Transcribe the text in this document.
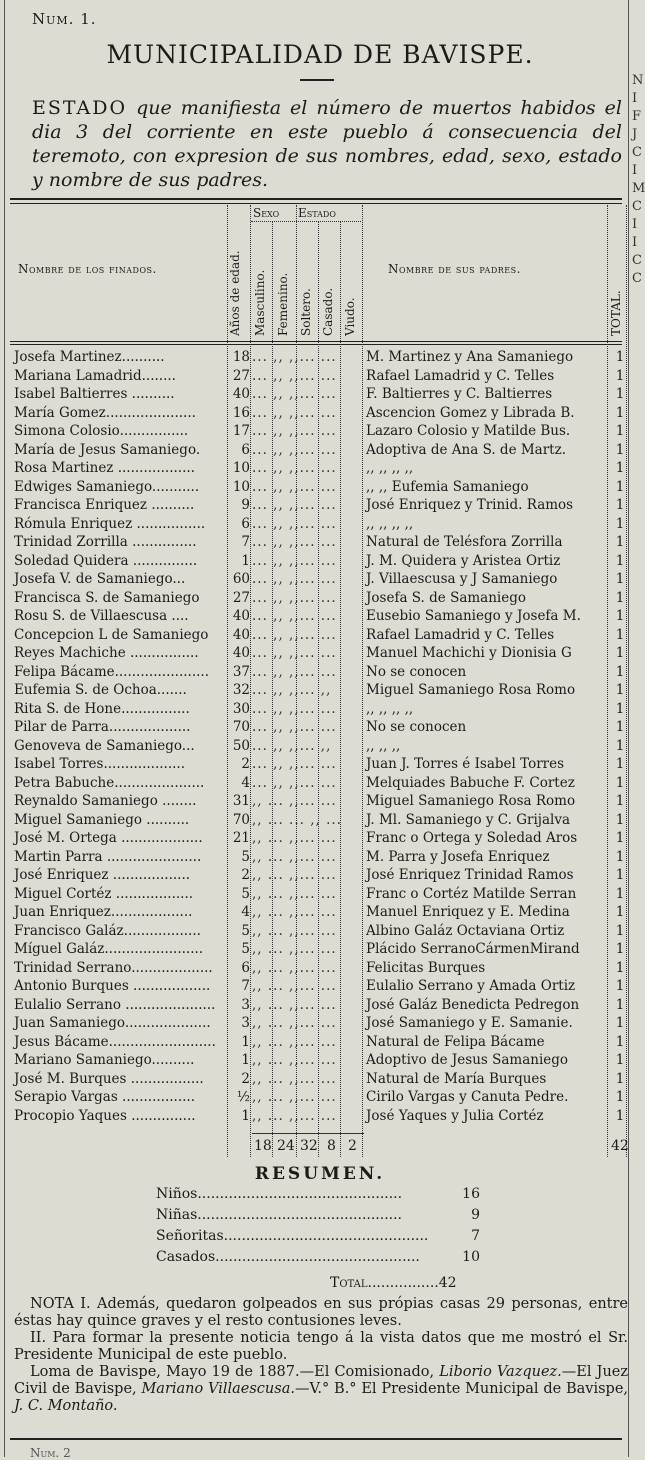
N
I
F
J
C
I
M
C
I
I
C
C
Num. 1.
MUNICIPALIDAD DE BAVISPE.
ESTADO que manifiesta el número de muertos habidos el dia 3 del corriente en este pueblo á consecuencia del teremoto, con expresion de sus nombres, edad, sexo, estado y nombre de sus padres.
Nombre de los finados.	Años de edad.
Sexo Estado
Masculino. Femenino. Soltero. Casado. Viudo.
Nombre de sus padres.
TOTAL.
Josefa Martinez..........	18 ... ,, ,,... ...	M. Martinez y Ana Samaniego	1
Mariana Lamadrid........	27 ... ,, ,,... ...	Rafael Lamadrid y C. Telles	1
Isabel Baltierres ..........	40 ... ,, ,,... ...	F. Baltierres y C. Baltierres	1
María Gomez.....................	16 ... ,, ,,... ...	Ascencion Gomez y Librada B.	1
Simona Colosio................	17 ... ,, ,,... ...	Lazaro Colosio y Matilde Bus.	1
María de Jesus Samaniego.	6 ... ,, ,,... ...	Adoptiva de Ana S. de Martz.	1
Rosa Martinez ..................	10 ... ,, ,,... ...	,, ,, ,, ,,	1
Edwiges Samaniego...........	10 ... ,, ,,... ...	,, ,, Eufemia Samaniego	1
Francisca Enriquez ..........	9 ... ,, ,,... ...	José Enriquez y Trinid. Ramos	1
Rómula Enriquez ................	6 ... ,, ,,... ...	,, ,, ,, ,,	1
Trinidad Zorrilla ...............	7 ... ,, ,,... ...	Natural de Telésfora Zorrilla	1
Soledad Quidera ...............	1 ... ,, ,,... ...	J. M. Quidera y Aristea Ortiz	1
Josefa V. de Samaniego...	60 ... ,, ,,... ...	J. Villaescusa y J Samaniego	1
Francisca S. de Samaniego	27 ... ,, ,,... ...	Josefa S. de Samaniego	1
Rosu S. de Villaescusa ....	40 ... ,, ,,... ...	Eusebio Samaniego y Josefa M.	1
Concepcion L de Samaniego	40 ... ,, ,,... ...	Rafael Lamadrid y C. Telles	1
Reyes Machiche ................	40 ... ,, ,,... ...	Manuel Machichi y Dionisia G	1
Felipa Bácame......................	37 ... ,, ,,... ...	No se conocen	1
Eufemia S. de Ochoa.......	32 ... ,, ,,... ,,	Miguel Samaniego Rosa Romo	1
Rita S. de Hone................	30 ... ,, ,,... ...	,, ,, ,, ,,	1
Pilar de Parra...................	70 ... ,, ,,... ...	No se conocen	1
Genoveva de Samaniego...	50 ... ,, ,,... ,,	,, ,, ,,	1
Isabel Torres...................	2 ... ,, ,,... ...	Juan J. Torres é Isabel Torres	1
Petra Babuche.....................	4 ... ,, ,,... ...	Melquiades Babuche F. Cortez	1
Reynaldo Samaniego ........	31 ,, ... ,,... ...	Miguel Samaniego Rosa Romo	1
Miguel Samaniego ..........	70 ,, ... ... ,, ...	J. Ml. Samaniego y C. Grijalva	1
José M. Ortega ...................	21 ,, ... ,,... ...	Franc o Ortega y Soledad Aros	1
Martin Parra ......................	5 ,, ... ,,... ...	M. Parra y Josefa Enriquez	1
José Enriquez ..................	2 ,, ... ,,... ...	José Enriquez Trinidad Ramos	1
Miguel Cortéz ..................	5 ,, ... ,,... ...	Franc o Cortéz Matilde Serran	1
Juan Enriquez...................	4 ,, ... ,,... ...	Manuel Enriquez y E. Medina	1
Francisco Galáz..................	5 ,, ... ,,... ...	Albino Galáz Octaviana Ortiz	1
Míguel Galáz.......................	5 ,, ... ,,... ...	Plácido SerranoCármenMirand	1
Trinidad Serrano...................	6 ,, ... ,,... ...	Felicitas Burques	1
Antonio Burques ..................	7 ,, ... ,,... ...	Eulalio Serrano y Amada Ortiz	1
Eulalio Serrano .....................	3 ,, ... ,,... ...	José Galáz Benedicta Pedregon	1
Juan Samaniego....................	3 ,, ... ,,... ...	José Samaniego y E. Samanie.	1
Jesus Bácame.........................	1 ,, ... ,,... ...	Natural de Felipa Bácame	1
Mariano Samaniego..........	1 ,, ... ,,... ...	Adoptivo de Jesus Samaniego	1
José M. Burques .................	2 ,, ... ,,... ...	Natural de María Burques	1
Serapio Vargas .................	½ ,, ... ,,... ...	Cirilo Vargas y Canuta Pedre.	1
Procopio Yaques ...............	1 ,, ... ,,... ...	José Yaques y Julia Cortéz	1
18 24 32 8 2	42
RESUMEN.
Niños..............................................	16
Niñas..............................................	9
Señoritas..............................................	7
Casados..............................................	10
Total................42

NOTA I. Además, quedaron golpeados en sus própias casas 29 personas, entre éstas hay quince graves y el resto contusiones leves.

II. Para formar la presente noticia tengo á la vista datos que me mostró el Sr. Presidente Municipal de este pueblo.

Loma de Bavispe, Mayo 19 de 1887.—El Comisionado, Liborio Vazquez.—El Juez Civil de Bavispe, Mariano Villaescusa.—V.° B.° El Presidente Municipal de Bavispe, J. C. Montaño.

Num. 2
